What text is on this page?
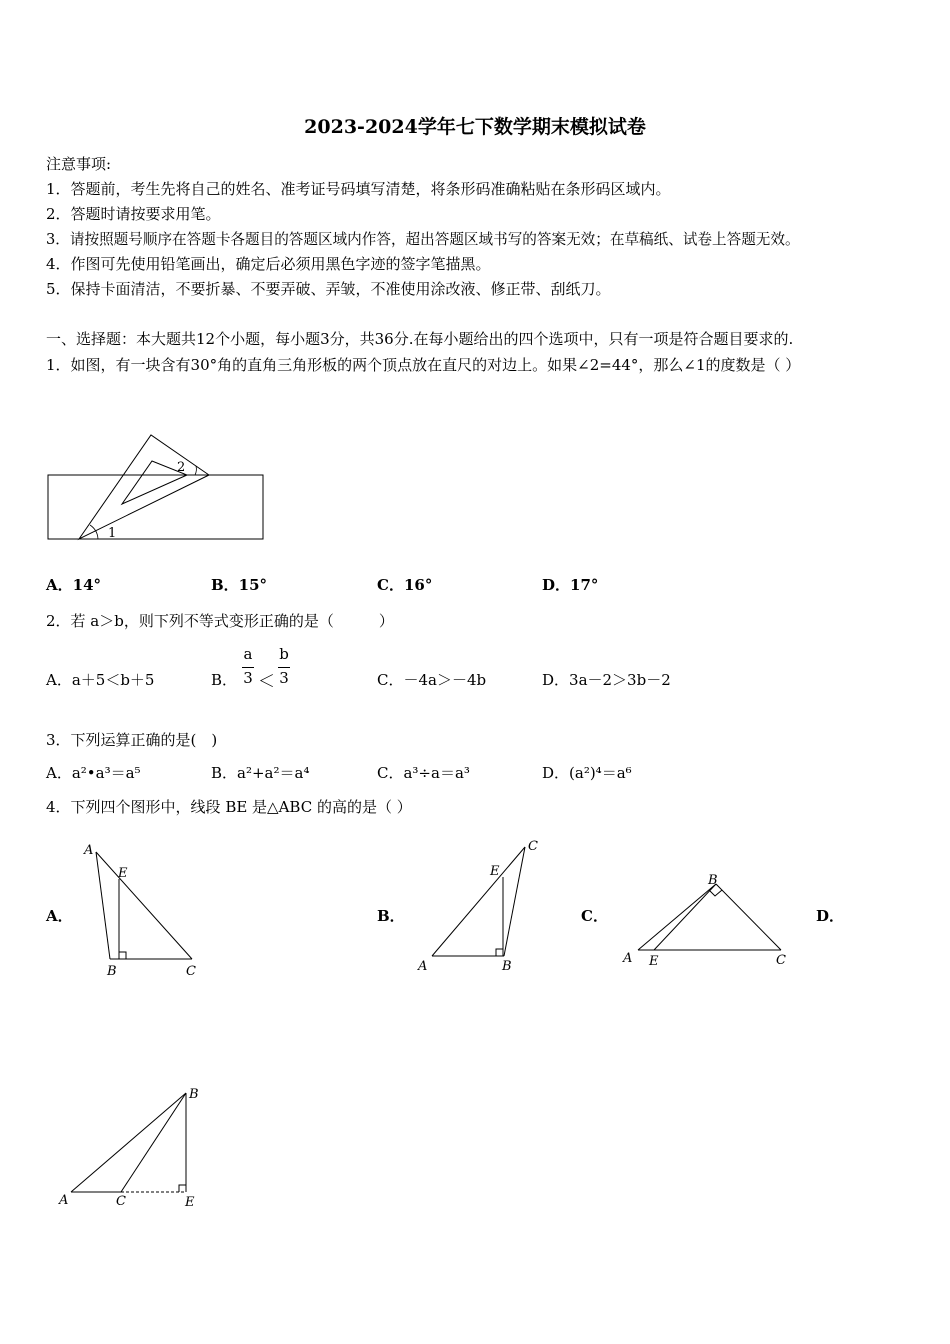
2023-2024学年七下数学期末模拟试卷
注意事项:
1．答题前，考生先将自己的姓名、准考证号码填写清楚，将条形码准确粘贴在条形码区域内。
2．答题时请按要求用笔。
3．请按照题号顺序在答题卡各题目的答题区域内作答，超出答题区域书写的答案无效；在草稿纸、试卷上答题无效。
4．作图可先使用铅笔画出，确定后必须用黑色字迹的签字笔描黑。
5．保持卡面清洁，不要折暴、不要弄破、弄皱，不准使用涂改液、修正带、刮纸刀。
一、选择题：本大题共12个小题，每小题3分，共36分.在每小题给出的四个选项中，只有一项是符合题目要求的.
1．如图，有一块含有30°角的直角三角形板的两个顶点放在直尺的对边上。如果∠2=44°，那么∠1的度数是（ ）
1
2
A．14°	B．15°	C．16°	D．17°
2．若 a＞b，则下列不等式变形正确的是（　　　）
A．a＋5＜b＋5	B．
a
3 ＜
b
3	C．－4a＞－4b	D．3a－2＞3b－2
3．下列运算正确的是(　)
A．a²•a³＝a⁵	B．a²+a²＝a⁴	C．a³÷a＝a³	D．(a²)⁴＝a⁶
4．下列四个图形中，线段 BE 是△ABC 的高的是（ ）
A．	B．	C．	D．
A
E
B	C
C
E
A	B
B
A E	C
B
A	C	E
